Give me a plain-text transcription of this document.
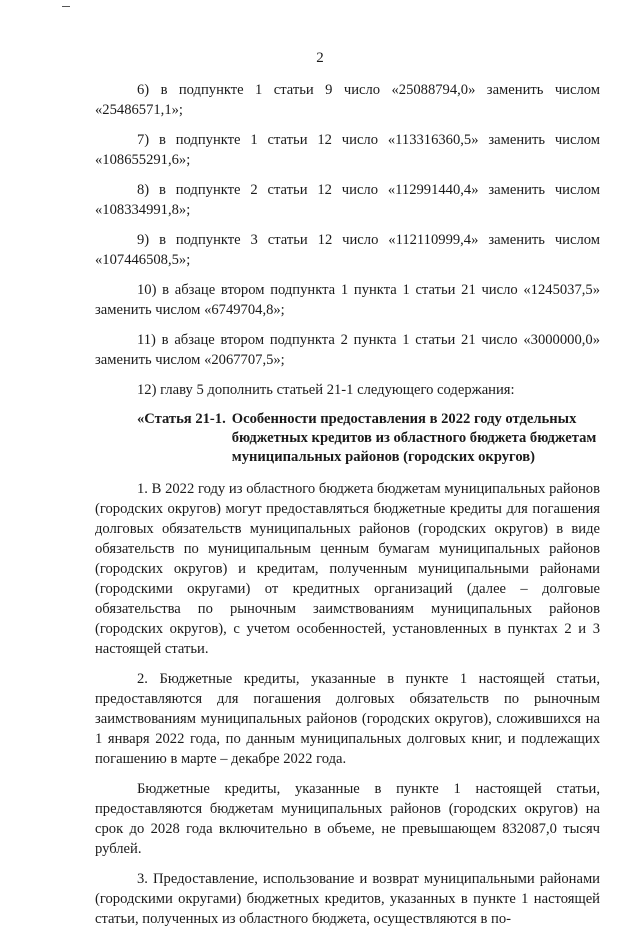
2

6) в подпункте 1 статьи 9 число «25088794,0» заменить числом «25486571,1»;

7) в подпункте 1 статьи 12 число «113316360,5» заменить числом «108655291,6»;

8) в подпункте 2 статьи 12 число «112991440,4» заменить числом «108334991,8»;

9) в подпункте 3 статьи 12 число «112110999,4» заменить числом «107446508,5»;

10) в абзаце втором подпункта 1 пункта 1 статьи 21 число «1245037,5» заменить числом «6749704,8»;

11) в абзаце втором подпункта 2 пункта 1 статьи 21 число «3000000,0» заменить числом «2067707,5»;

12) главу 5 дополнить статьей 21-1 следующего содержания:

«Статья 21-1. Особенности предоставления в 2022 году отдельных бюджетных кредитов из областного бюджета бюджетам муниципальных районов (городских округов)

1. В 2022 году из областного бюджета бюджетам муниципальных районов (городских округов) могут предоставляться бюджетные кредиты для погашения долговых обязательств муниципальных районов (городских округов) в виде обязательств по муниципальным ценным бумагам муниципальных районов (городских округов) и кредитам, полученным муниципальными районами (городскими округами) от кредитных организаций (далее – долговые обязательства по рыночным заимствованиям муниципальных районов (городских округов), с учетом особенностей, установленных в пунктах 2 и 3 настоящей статьи.

2. Бюджетные кредиты, указанные в пункте 1 настоящей статьи, предоставляются для погашения долговых обязательств по рыночным заимствованиям муниципальных районов (городских округов), сложившихся на 1 января 2022 года, по данным муниципальных долговых книг, и подлежащих погашению в марте – декабре 2022 года.

Бюджетные кредиты, указанные в пункте 1 настоящей статьи, предоставляются бюджетам муниципальных районов (городских округов) на срок до 2028 года включительно в объеме, не превышающем 832087,0 тысяч рублей.

3. Предоставление, использование и возврат муниципальными районами (городскими округами) бюджетных кредитов, указанных в пункте 1 настоящей статьи, полученных из областного бюджета, осуществляются в по-
